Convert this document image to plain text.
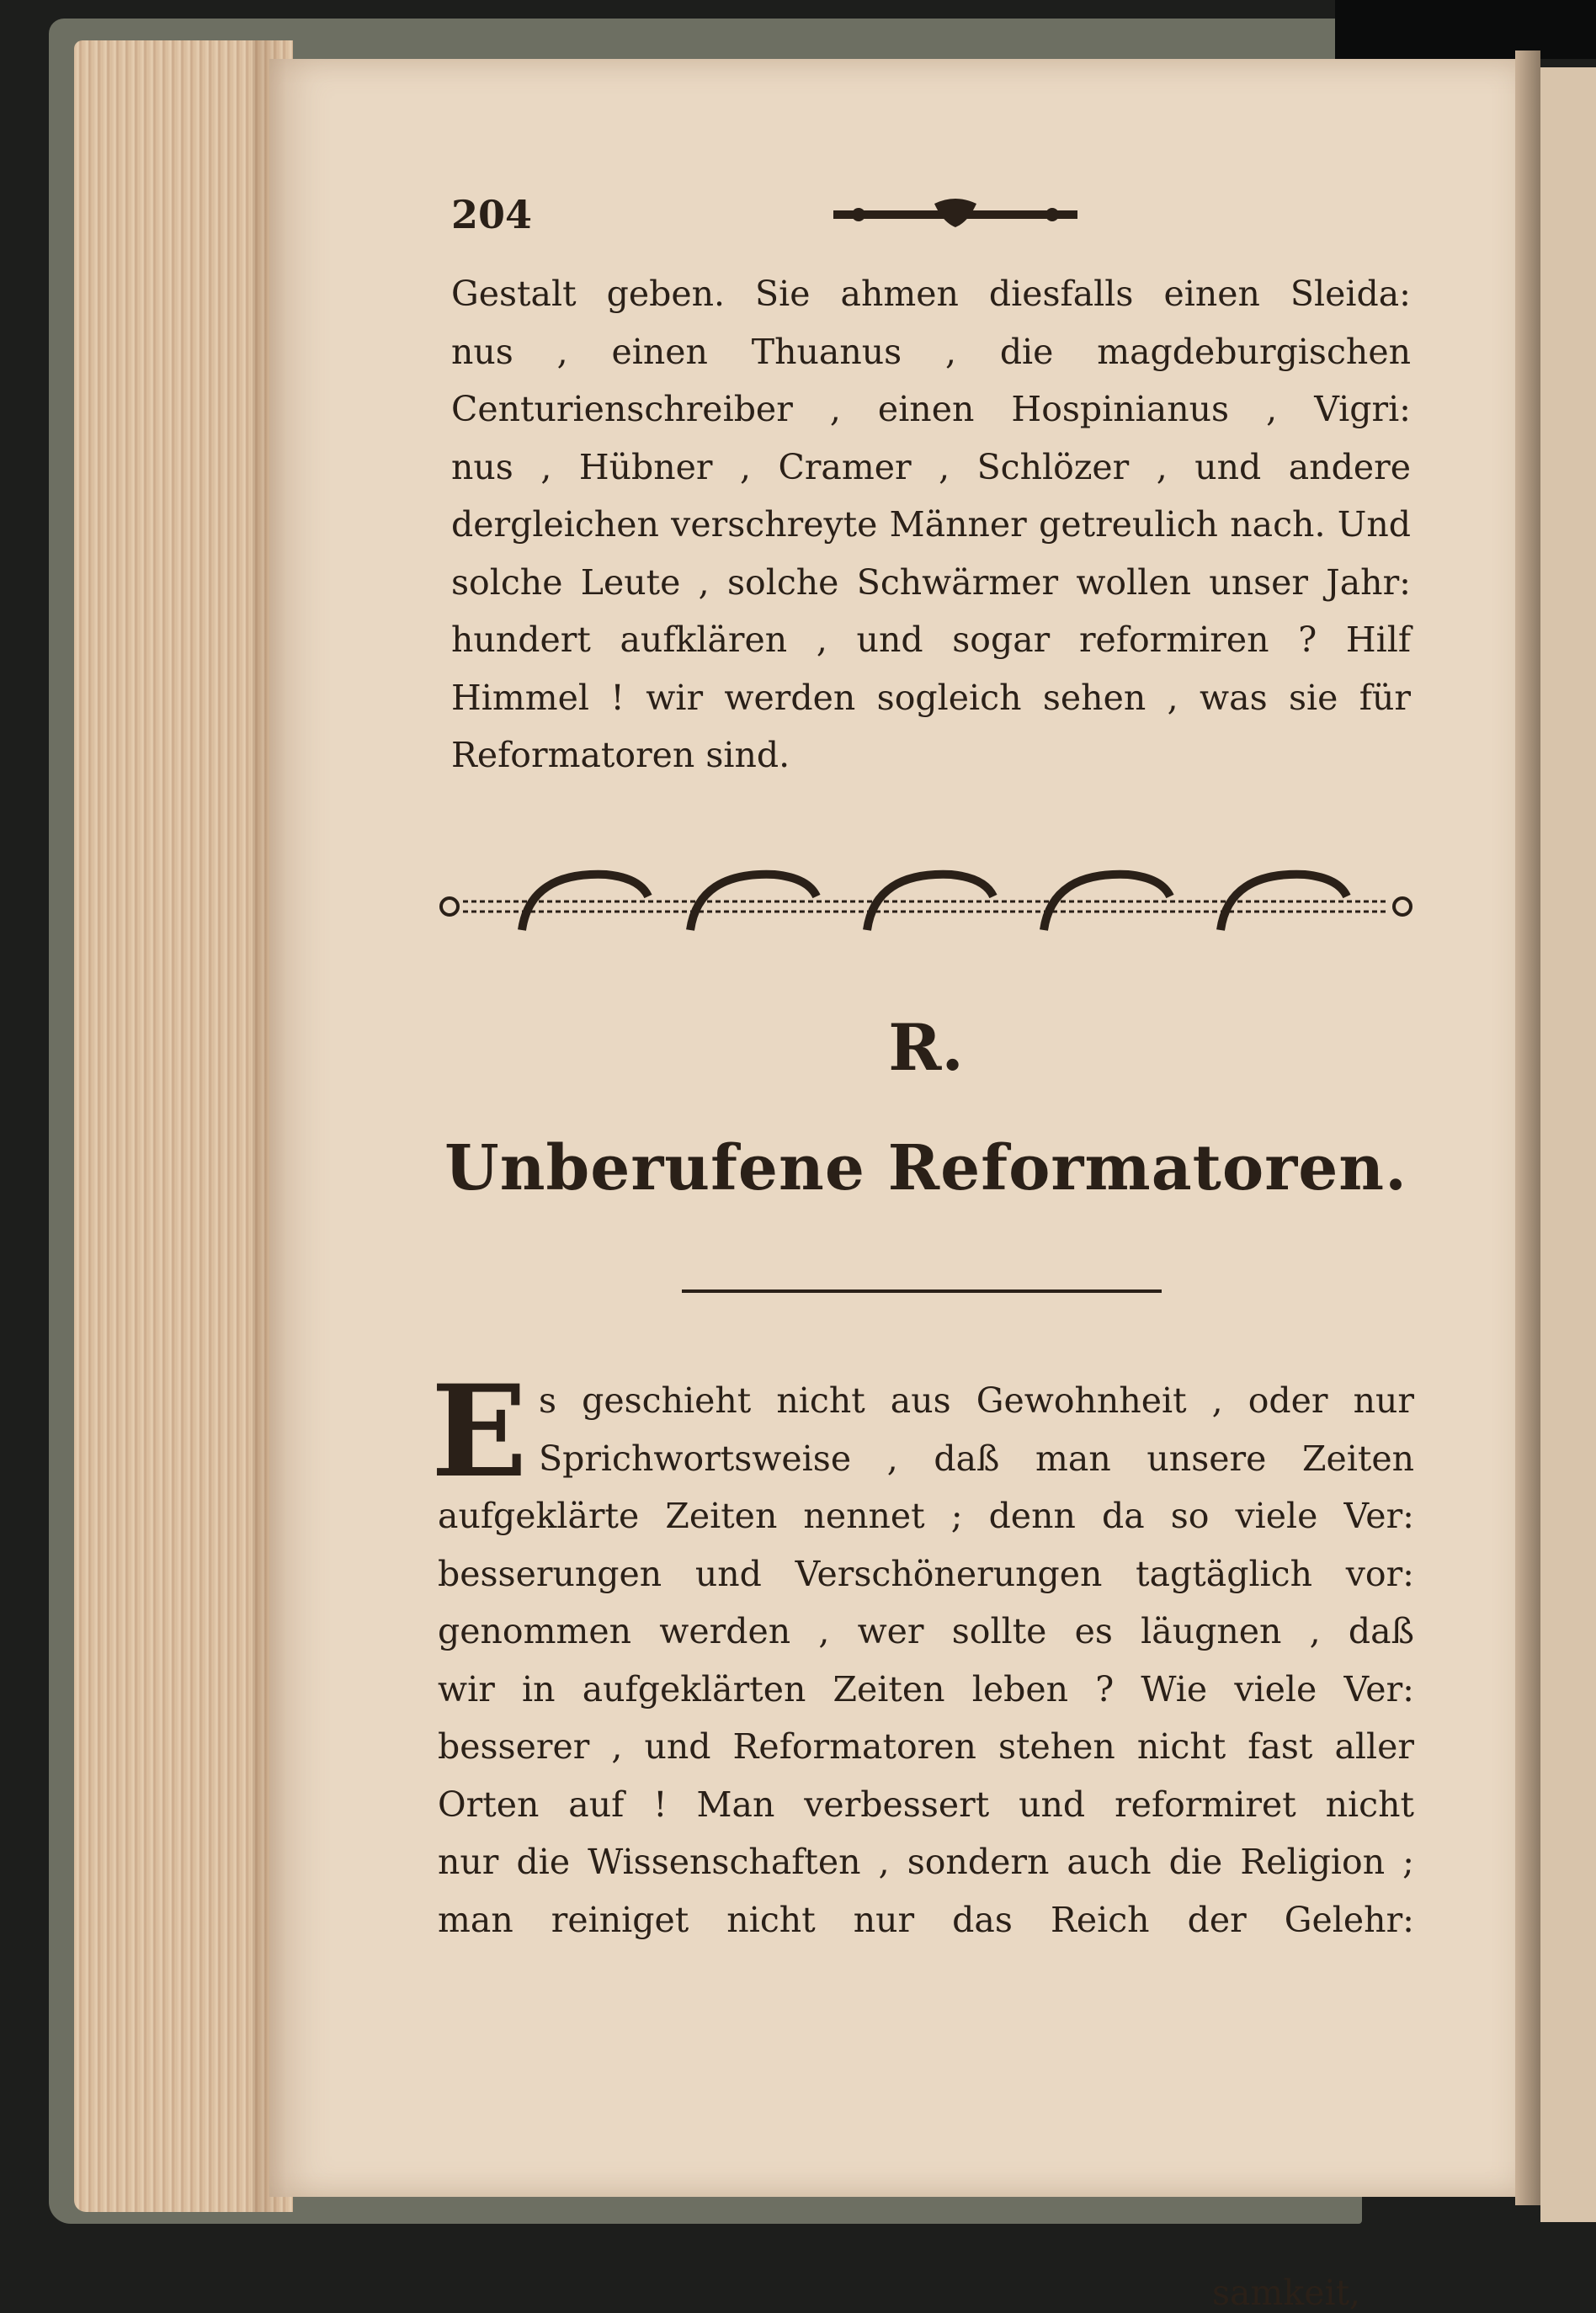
204
Gestalt geben. Sie ahmen diesfalls einen Sleida:
nus , einen Thuanus , die magdeburgischen
Centurienschreiber , einen Hospinianus , Vigri:
nus , Hübner , Cramer , Schlözer , und andere
dergleichen verschreyte Männer getreulich nach. Und
solche Leute , solche Schwärmer wollen unser Jahr:
hundert aufklären , und sogar reformiren ? Hilf
Himmel ! wir werden sogleich sehen , was sie für
Reformatoren sind.
R.
Unberufene Reformatoren.
E s geschieht nicht aus Gewohnheit , oder nur
Sprichwortsweise , daß man unsere Zeiten
aufgeklärte Zeiten nennet ; denn da so viele Ver:
besserungen und Verschönerungen tagtäglich vor:
genommen werden , wer sollte es läugnen , daß
wir in aufgeklärten Zeiten leben ? Wie viele Ver:
besserer , und Reformatoren stehen nicht fast aller
Orten auf ! Man verbessert und reformiret nicht
nur die Wissenschaften , sondern auch die Religion ;
man reiniget nicht nur das Reich der Gelehr:
samkeit,
